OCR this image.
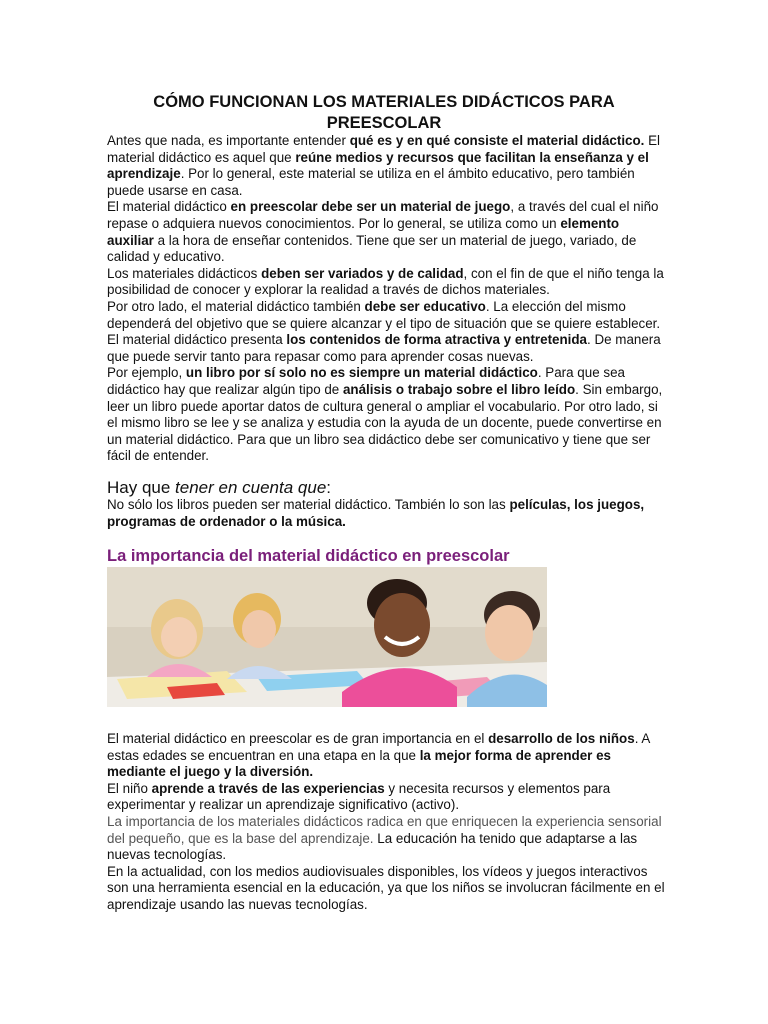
CÓMO FUNCIONAN LOS MATERIALES DIDÁCTICOS PARA PREESCOLAR
Antes que nada, es importante entender qué es y en qué consiste el material didáctico. El material didáctico es aquel que reúne medios y recursos que facilitan la enseñanza y el aprendizaje. Por lo general, este material se utiliza en el ámbito educativo, pero también puede usarse en casa.
El material didáctico en preescolar debe ser un material de juego, a través del cual el niño repase o adquiera nuevos conocimientos. Por lo general, se utiliza como un elemento auxiliar a la hora de enseñar contenidos. Tiene que ser un material de juego, variado, de calidad y educativo.
Los materiales didácticos deben ser variados y de calidad, con el fin de que el niño tenga la posibilidad de conocer y explorar la realidad a través de dichos materiales.
Por otro lado, el material didáctico también debe ser educativo. La elección del mismo dependerá del objetivo que se quiere alcanzar y el tipo de situación que se quiere establecer.
El material didáctico presenta los contenidos de forma atractiva y entretenida. De manera que puede servir tanto para repasar como para aprender cosas nuevas.
Por ejemplo, un libro por sí solo no es siempre un material didáctico. Para que sea didáctico hay que realizar algún tipo de análisis o trabajo sobre el libro leído. Sin embargo, leer un libro puede aportar datos de cultura general o ampliar el vocabulario. Por otro lado, si el mismo libro se lee y se analiza y estudia con la ayuda de un docente, puede convertirse en un material didáctico. Para que un libro sea didáctico debe ser comunicativo y tiene que ser fácil de entender.

Hay que tener en cuenta que:

No sólo los libros pueden ser material didáctico. También lo son las películas, los juegos, programas de ordenador o la música.
La importancia del material didáctico en preescolar
El material didáctico en preescolar es de gran importancia en el desarrollo de los niños. A estas edades se encuentran en una etapa en la que la mejor forma de aprender es mediante el juego y la diversión.
El niño aprende a través de las experiencias y necesita recursos y elementos para experimentar y realizar un aprendizaje significativo (activo).
La importancia de los materiales didácticos radica en que enriquecen la experiencia sensorial del pequeño, que es la base del aprendizaje. La educación ha tenido que adaptarse a las nuevas tecnologías.
En la actualidad, con los medios audiovisuales disponibles, los vídeos y juegos interactivos son una herramienta esencial en la educación, ya que los niños se involucran fácilmente en el aprendizaje usando las nuevas tecnologías.
